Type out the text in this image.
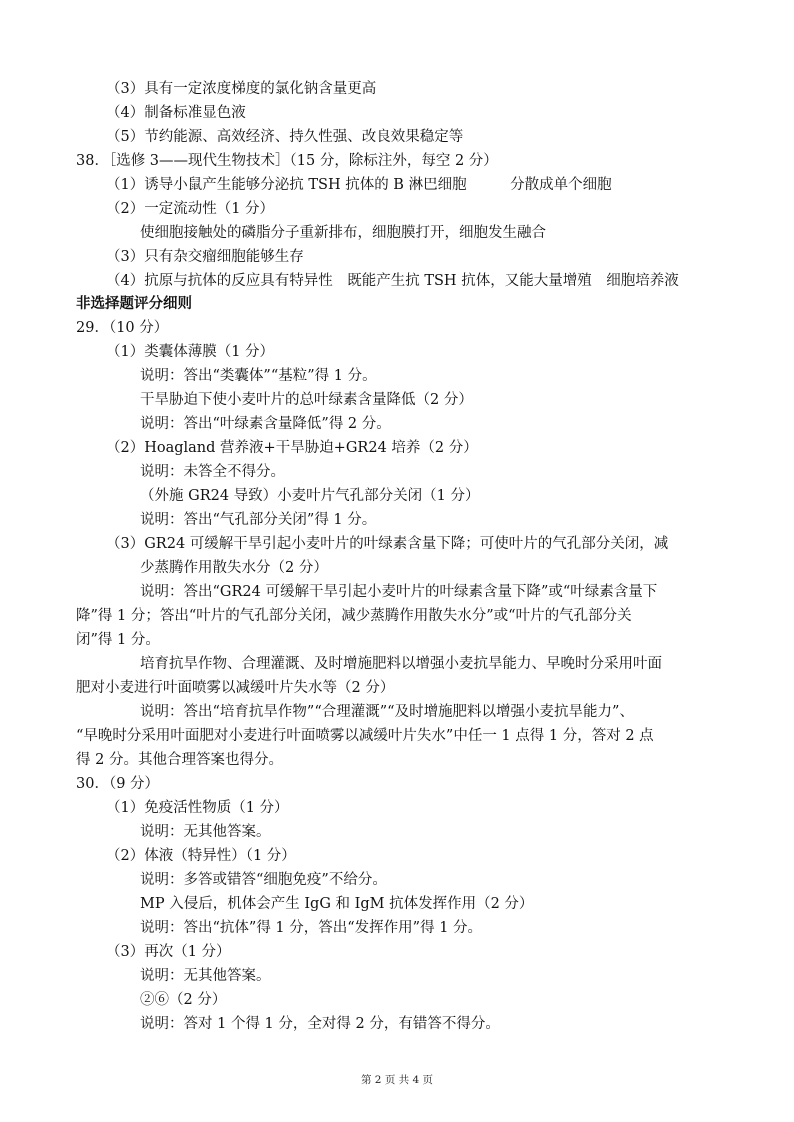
（3）具有一定浓度梯度的氯化钠含量更高
（4）制备标准显色液
（5）节约能源、高效经济、持久性强、改良效果稳定等
38．［选修 3——现代生物技术］（15 分，除标注外，每空 2 分）
（1）诱导小鼠产生能够分泌抗 TSH 抗体的 B 淋巴细胞　　　分散成单个细胞
（2）一定流动性（1 分）
使细胞接触处的磷脂分子重新排布，细胞膜打开，细胞发生融合
（3）只有杂交瘤细胞能够生存
（4）抗原与抗体的反应具有特异性　既能产生抗 TSH 抗体，又能大量增殖　细胞培养液
非选择题评分细则
29．（10 分）
（1）类囊体薄膜（1 分）
说明：答出“类囊体”“基粒”得 1 分。
干旱胁迫下使小麦叶片的总叶绿素含量降低（2 分）
说明：答出“叶绿素含量降低”得 2 分。
（2）Hoagland 营养液+干旱胁迫+GR24 培养（2 分）
说明：未答全不得分。
（外施 GR24 导致）小麦叶片气孔部分关闭（1 分）
说明：答出“气孔部分关闭”得 1 分。
（3）GR24 可缓解干旱引起小麦叶片的叶绿素含量下降；可使叶片的气孔部分关闭，减
少蒸腾作用散失水分（2 分）
说明：答出“GR24 可缓解干旱引起小麦叶片的叶绿素含量下降”或“叶绿素含量下
降”得 1 分；答出“叶片的气孔部分关闭，减少蒸腾作用散失水分”或“叶片的气孔部分关
闭”得 1 分。
培育抗旱作物、合理灌溉、及时增施肥料以增强小麦抗旱能力、早晚时分采用叶面
肥对小麦进行叶面喷雾以减缓叶片失水等（2 分）
说明：答出“培育抗旱作物”“合理灌溉”“及时增施肥料以增强小麦抗旱能力”、
“早晚时分采用叶面肥对小麦进行叶面喷雾以减缓叶片失水”中任一 1 点得 1 分，答对 2 点
得 2 分。其他合理答案也得分。
30．（9 分）
（1）免疫活性物质（1 分）
说明：无其他答案。
（2）体液（特异性）（1 分）
说明：多答或错答“细胞免疫”不给分。
MP 入侵后，机体会产生 IgG 和 IgM 抗体发挥作用（2 分）
说明：答出“抗体”得 1 分，答出“发挥作用”得 1 分。
（3）再次（1 分）
说明：无其他答案。
②⑥（2 分）
说明：答对 1 个得 1 分，全对得 2 分，有错答不得分。
第 2 页 共 4 页
